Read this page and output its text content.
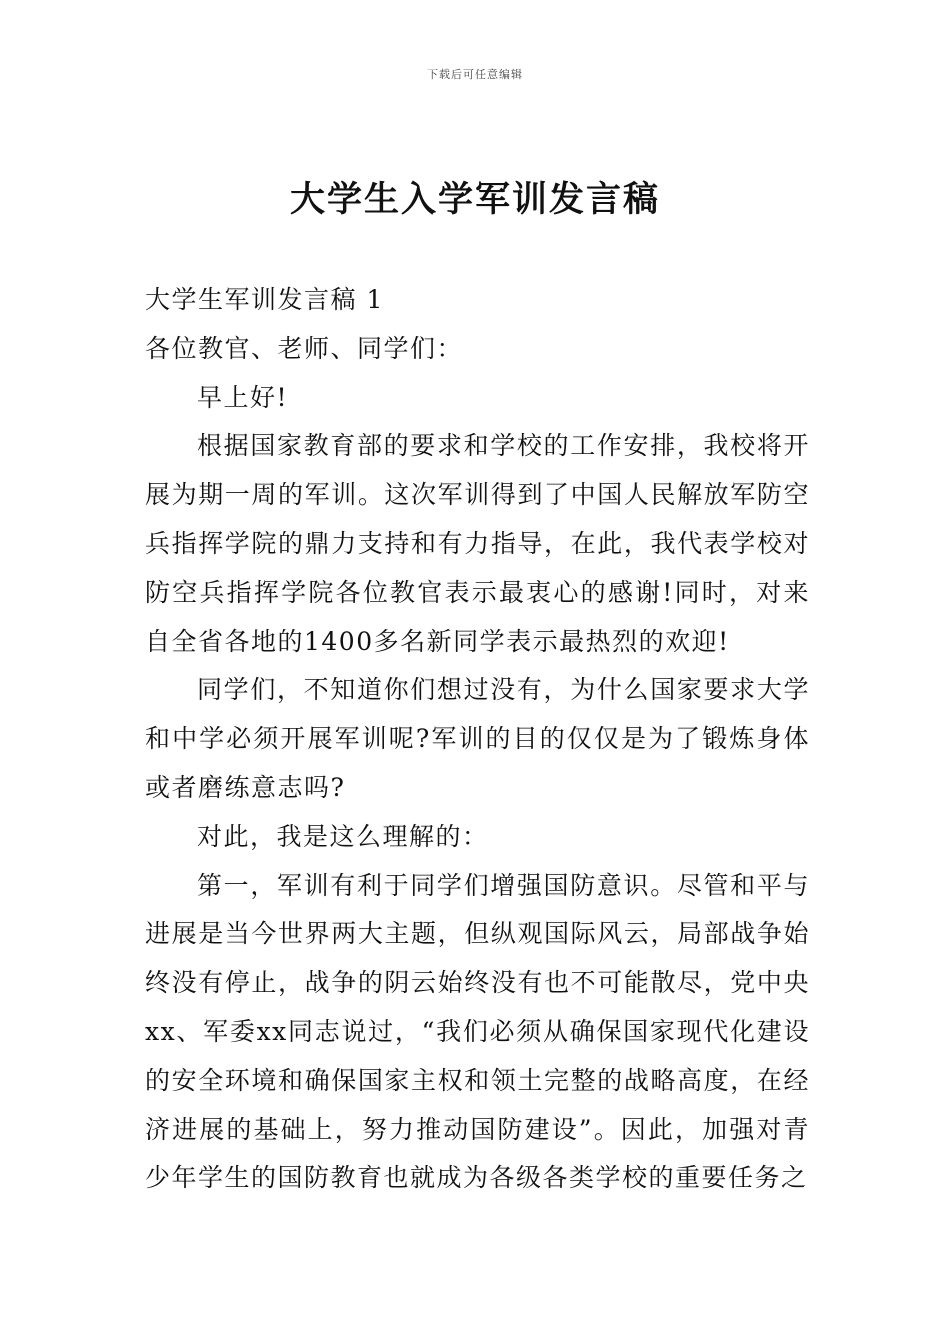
下载后可任意编辑
大学生入学军训发言稿

大学生军训发言稿 1

各位教官、老师、同学们：

早上好!

根据国家教育部的要求和学校的工作安排，我校将开展为期一周的军训。这次军训得到了中国人民解放军防空兵指挥学院的鼎力支持和有力指导，在此，我代表学校对防空兵指挥学院各位教官表示最衷心的感谢!同时，对来自全省各地的1400多名新同学表示最热烈的欢迎!

同学们，不知道你们想过没有，为什么国家要求大学和中学必须开展军训呢?军训的目的仅仅是为了锻炼身体或者磨练意志吗?

对此，我是这么理解的：

第一，军训有利于同学们增强国防意识。尽管和平与进展是当今世界两大主题，但纵观国际风云，局部战争始终没有停止，战争的阴云始终没有也不可能散尽，党中央xx、军委xx同志说过，“我们必须从确保国家现代化建设的安全环境和确保国家主权和领土完整的战略高度，在经济进展的基础上，努力推动国防建设”。因此，加强对青少年学生的国防教育也就成为各级各类学校的重要任务之
